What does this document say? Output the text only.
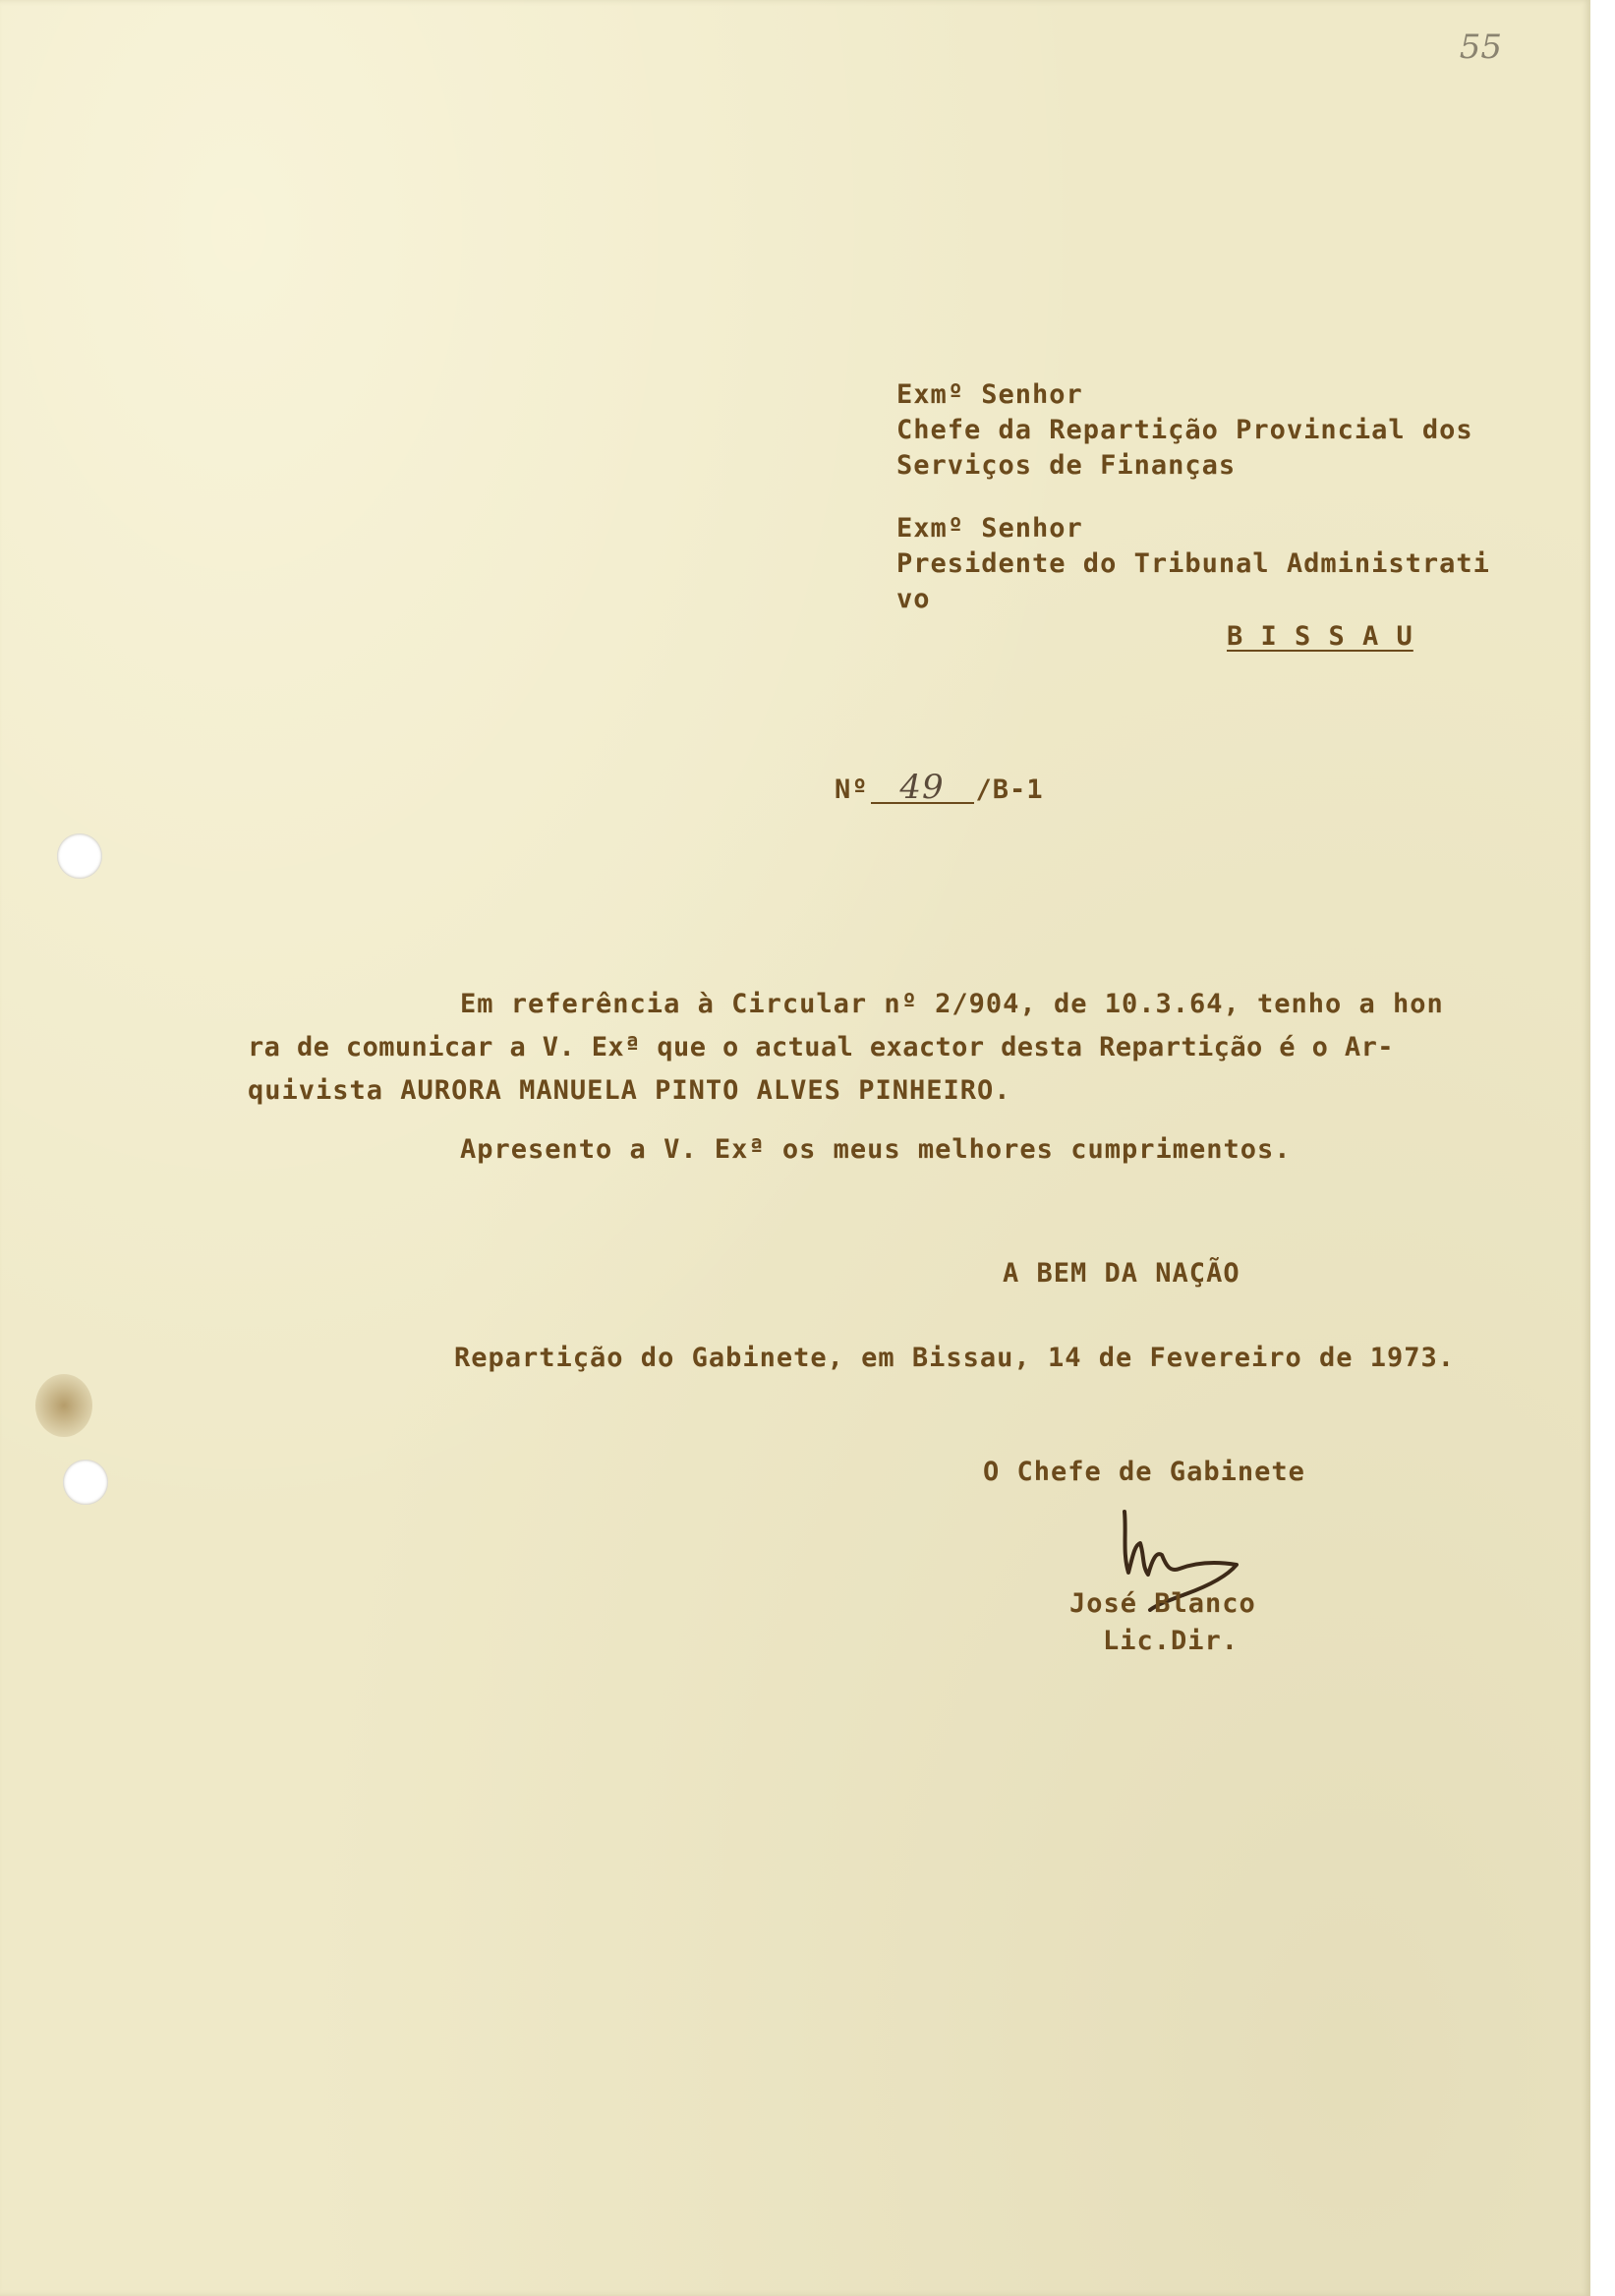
55

Exmº Senhor

Chefe da Repartição Provincial dos

Serviços de Finanças

Exmº Senhor

Presidente do Tribunal Administrati

vo

B I S S A U

Nº 49 /B-1

Em referência à Circular nº 2/904, de 10.3.64, tenho a hon

ra de comunicar a V. Exª que o actual exactor desta Repartição é o Ar-

quivista AURORA MANUELA PINTO ALVES PINHEIRO.

Apresento a V. Exª os meus melhores cumprimentos.

A BEM DA NAÇÃO

Repartição do Gabinete, em Bissau, 14 de Fevereiro de 1973.

O Chefe de Gabinete

José Blanco

Lic.Dir.
